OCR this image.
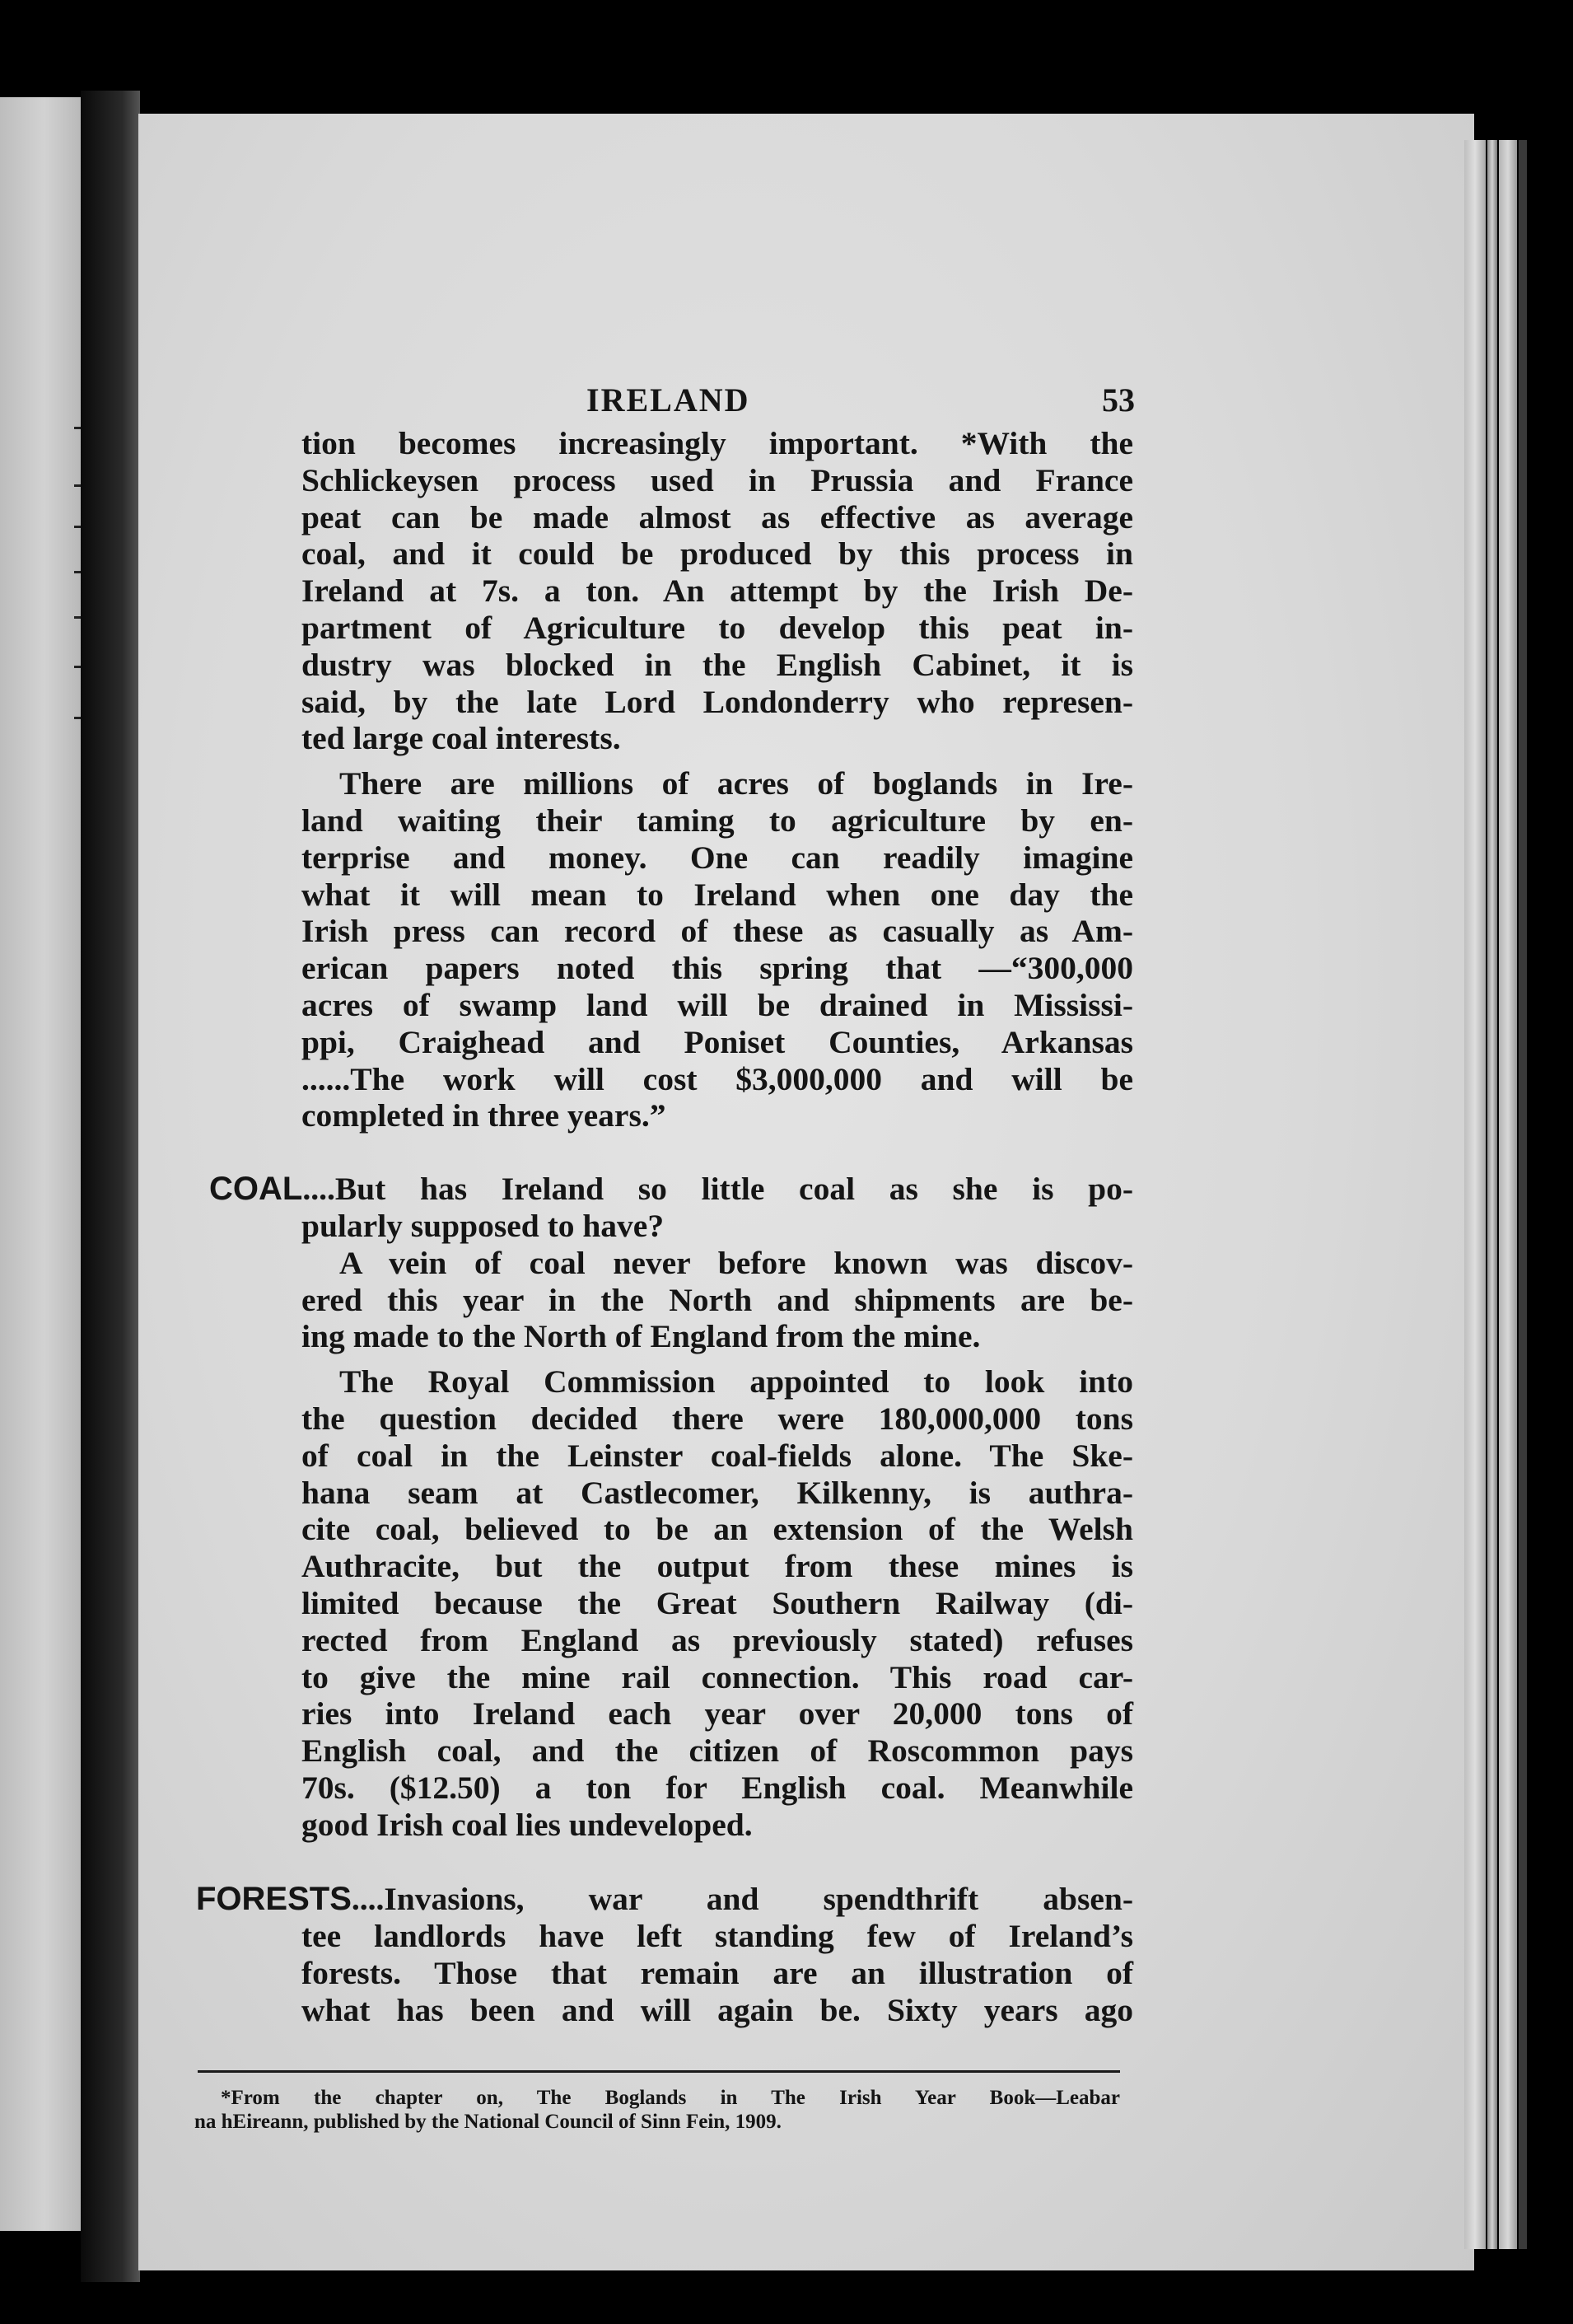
IRELAND	53
tion becomes increasingly important. *With the
Schlickeysen process used in Prussia and France
peat can be made almost as effective as average
coal, and it could be produced by this process in
Ireland at 7s. a ton. An attempt by the Irish De-
partment of Agriculture to develop this peat in-
dustry was blocked in the English Cabinet, it is
said, by the late Lord Londonderry who represen-
ted large coal interests.
There are millions of acres of boglands in Ire-
land waiting their taming to agriculture by en-
terprise and money. One can readily imagine
what it will mean to Ireland when one day the
Irish press can record of these as casually as Am-
erican papers noted this spring that —“300,000
acres of swamp land will be drained in Mississi-
ppi, Craighead and Poniset Counties, Arkansas
......The work will cost $3,000,000 and will be
completed in three years.”
COAL....But has Ireland so little coal as she is po-
pularly supposed to have?
A vein of coal never before known was discov-
ered this year in the North and shipments are be-
ing made to the North of England from the mine.
The Royal Commission appointed to look into
the question decided there were 180,000,000 tons
of coal in the Leinster coal-fields alone. The Ske-
hana seam at Castlecomer, Kilkenny, is authra-
cite coal, believed to be an extension of the Welsh
Authracite, but the output from these mines is
limited because the Great Southern Railway (di-
rected from England as previously stated) refuses
to give the mine rail connection. This road car-
ries into Ireland each year over 20,000 tons of
English coal, and the citizen of Roscommon pays
70s. ($12.50) a ton for English coal. Meanwhile
good Irish coal lies undeveloped.
FORESTS....Invasions, war and spendthrift absen-
tee landlords have left standing few of Ireland’s
forests. Those that remain are an illustration of
what has been and will again be. Sixty years ago
*From the chapter on, The Boglands in The Irish Year Book—Leabar
na hEireann, published by the National Council of Sinn Fein, 1909.
